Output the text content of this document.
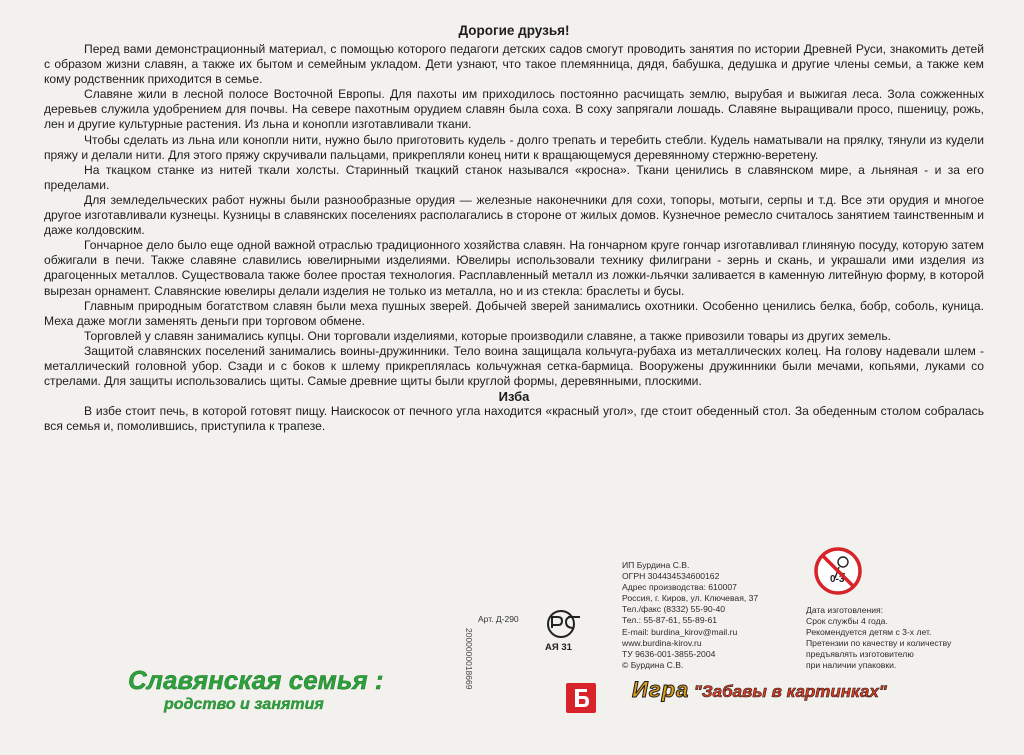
Дорогие друзья!

Перед вами демонстрационный материал, с помощью которого педагоги детских садов смогут проводить занятия по истории Древней Руси, знакомить детей с образом жизни славян, а также их бытом и семейным укладом. Дети узнают, что такое племянница, дядя, бабушка, дедушка и другие члены семьи, а также кем кому родственник приходится в семье.

Славяне жили в лесной полосе Восточной Европы. Для пахоты им приходилось постоянно расчищать землю, вырубая и выжигая леса. Зола сожженных деревьев служила удобрением для почвы. На севере пахотным орудием славян была соха. В соху запрягали лошадь. Славяне выращивали просо, пшеницу, рожь, лен и другие культурные растения. Из льна и конопли изготавливали ткани.

Чтобы сделать из льна или конопли нити, нужно было приготовить кудель - долго трепать и теребить стебли. Кудель наматывали на прялку, тянули из кудели пряжу и делали нити. Для этого пряжу скручивали пальцами, прикрепляли конец нити к вращающемуся деревянному стержню-веретену.

На ткацком станке из нитей ткали холсты. Старинный ткацкий станок назывался «кросна». Ткани ценились в славянском мире, а льняная - и за его пределами.

Для земледельческих работ нужны были разнообразные орудия — железные наконечники для сохи, топоры, мотыги, серпы и т.д. Все эти орудия и многое другое изготавливали кузнецы. Кузницы в славянских поселениях располагались в стороне от жилых домов. Кузнечное ремесло считалось занятием таинственным и даже колдовским.

Гончарное дело было еще одной важной отраслью традиционного хозяйства славян. На гончарном круге гончар изготавливал глиняную посуду, которую затем обжигали в печи. Также славяне славились ювелирными изделиями. Ювелиры использовали технику филиграни - зернь и скань, и украшали ими изделия из драгоценных металлов. Существовала также более простая технология. Расплавленный металл из ложки-льячки заливается в каменную литейную форму, в которой вырезан орнамент. Славянские ювелиры делали изделия не только из металла, но и из стекла: браслеты и бусы.

Главным природным богатством славян были меха пушных зверей. Добычей зверей занимались охотники. Особенно ценились белка, бобр, соболь, куница. Меха даже могли заменять деньги при торговом обмене.

Торговлей у славян занимались купцы. Они торговали изделиями, которые производили славяне, а также привозили товары из других земель.

Защитой славянских поселений занимались воины-дружинники. Тело воина защищала кольчуга-рубаха из металлических колец. На голову надевали шлем - металлический головной убор. Сзади и с боков к шлему прикреплялась кольчужная сетка-бармица. Вооружены дружинники были мечами, копьями, луками со стрелами. Для защиты использовались щиты. Самые древние щиты были круглой формы, деревянными, плоскими.

Изба

В избе стоит печь, в которой готовят пищу. Наискосок от печного угла находится «красный угол», где стоит обеденный стол. За обеденным столом собралась вся семья и, помолившись, приступила к трапезе.

0-3
ИП Бурдина С.В.
ОГРН 304434534600162
Адрес производства: 610007
Россия, г. Киров, ул. Ключевая, 37
Тел./факс (8332) 55-90-40
Тел.: 55-87-61, 55-89-61
E-mail: burdina_kirov@mail.ru
www.burdina-kirov.ru
ТУ 9636-001-3855-2004
© Бурдина С.В.
Дата изготовления:
Срок службы 4 года.
Рекомендуется детям с 3-х лет.
Претензии по качеству и количеству
предъявлять изготовителю
при наличии упаковки.
Арт. Д-290
2000000018669	АЯ 31
Игра "Забавы в картинках"
Славянская семья :
родство и занятия
